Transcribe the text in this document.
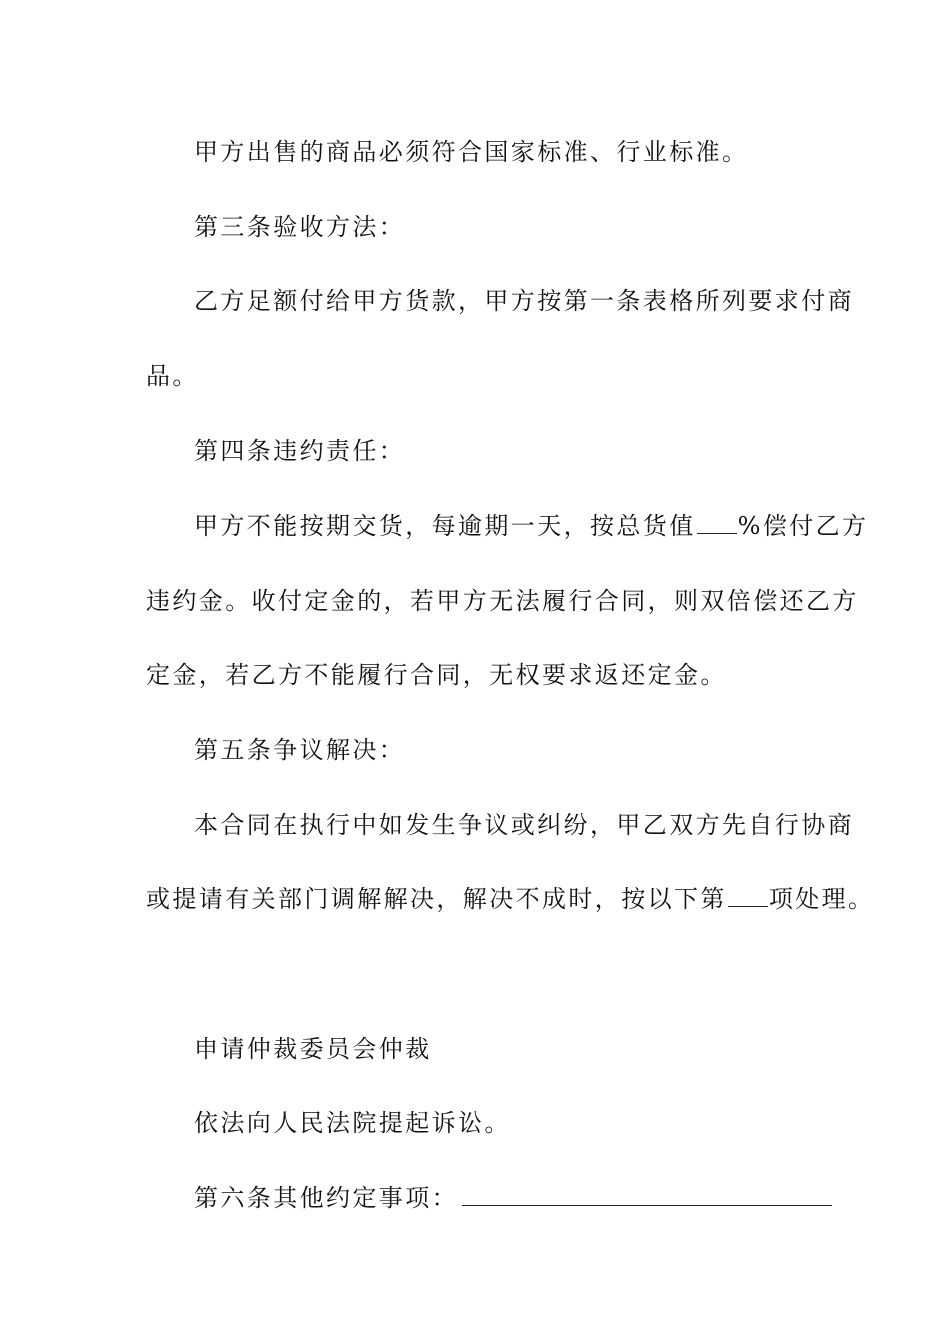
甲方出售的商品必须符合国家标准、行业标准。
第三条验收方法：
乙方足额付给甲方货款，甲方按第一条表格所列要求付商
品。
第四条违约责任：
甲方不能按期交货，每逾期一天，按总货值 %偿付乙方
违约金。收付定金的，若甲方无法履行合同，则双倍偿还乙方
定金，若乙方不能履行合同，无权要求返还定金。
第五条争议解决：
本合同在执行中如发生争议或纠纷，甲乙双方先自行协商
或提请有关部门调解解决，解决不成时，按以下第 项处理。
申请仲裁委员会仲裁
依法向人民法院提起诉讼。
第六条其他约定事项：
